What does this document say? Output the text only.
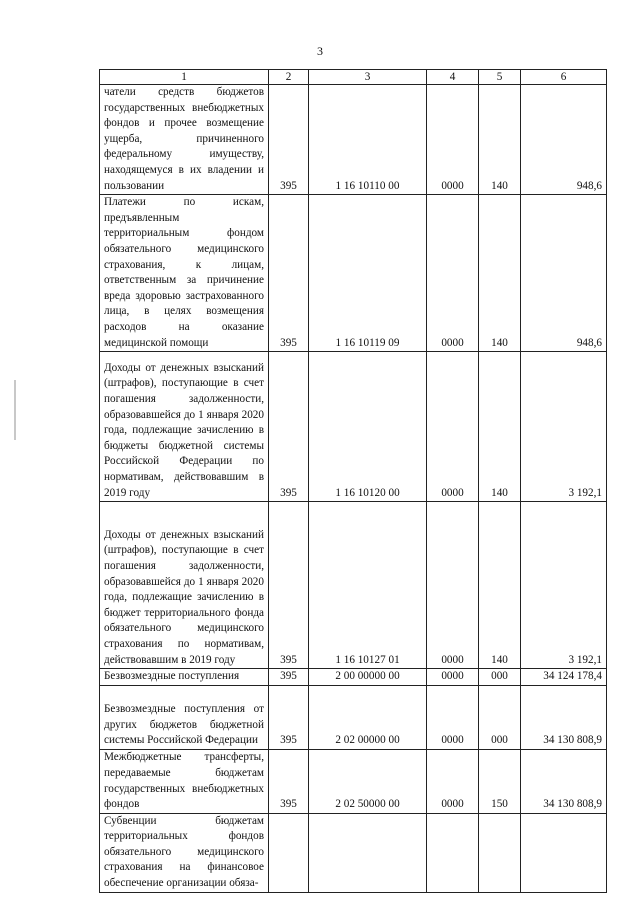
3
1	2	3	4	5	6
чатели средств бюджетов государственных внебюджетных фондов и прочее возмещение ущерба, причиненного федеральному имуществу, находящемуся в их владении и пользовании	395	1 16 10110 00	0000	140	948,6
Платежи по искам, предъявленным территориальным фондом обязательного медицинского страхования, к лицам, ответственным за причинение вреда здоровью застрахованного лица, в целях возмещения расходов на оказание медицинской помощи	395	1 16 10119 09	0000	140	948,6
Доходы от денежных взысканий (штрафов), поступающие в счет погашения задолженности, образовавшейся до 1 января 2020 года, подлежащие зачислению в бюджеты бюджетной системы Российской Федерации по нормативам, действовавшим в 2019 году	395	1 16 10120 00	0000	140	3 192,1
Доходы от денежных взысканий (штрафов), поступающие в счет погашения задолженности, образовавшейся до 1 января 2020 года, подлежащие зачислению в бюджет территориального фонда обязательного медицинского страхования по нормативам, действовавшим в 2019 году	395	1 16 10127 01	0000	140	3 192,1
Безвозмездные поступления	395	2 00 00000 00	0000	000	34 124 178,4
Безвозмездные поступления от других бюджетов бюджетной системы Российской Федерации	395	2 02 00000 00	0000	000	34 130 808,9
Межбюджетные трансферты, передаваемые бюджетам государственных внебюджетных фондов	395	2 02 50000 00	0000	150	34 130 808,9
Субвенции бюджетам территориальных фондов обязательного медицинского страхования на финансовое обеспечение организации обяза-					
